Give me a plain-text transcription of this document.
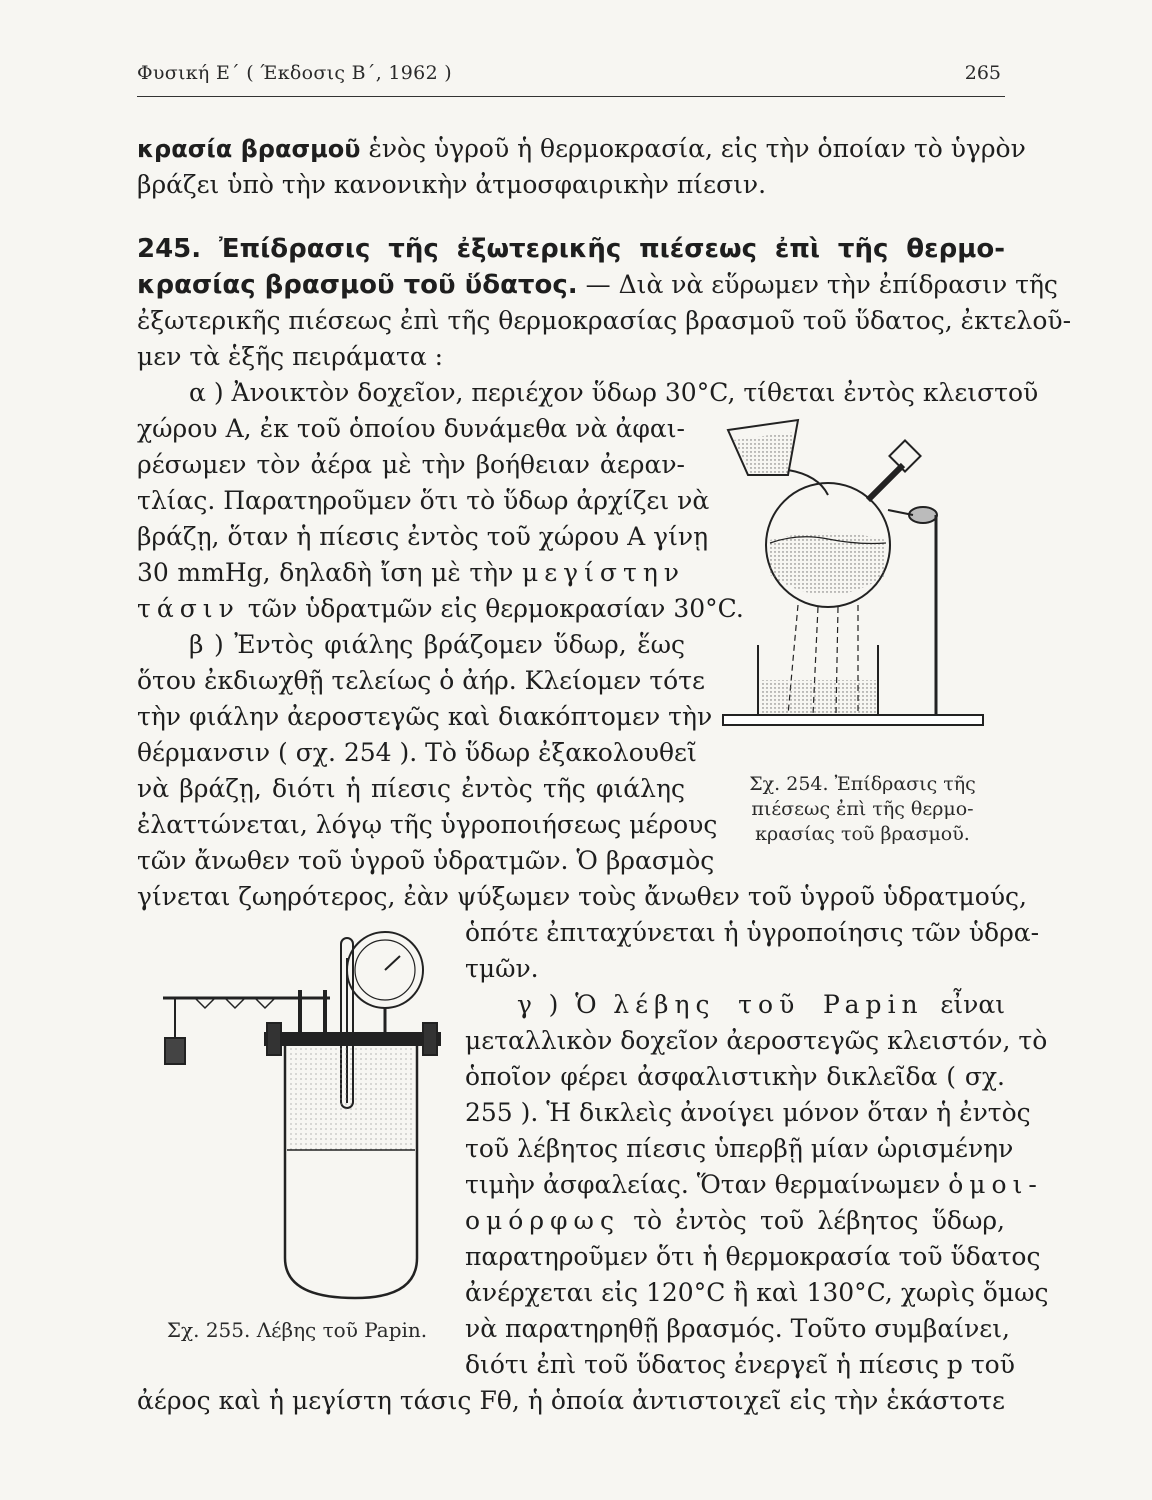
Φυσική Ε΄ ( Έκδοσις Β΄, 1962 )	265
κρασία βρασμοῦ ἑνὸς ὑγροῦ ἡ θερμοκρασία, εἰς τὴν ὁποίαν τὸ ὑγρὸν
βράζει ὑπὸ τὴν κανονικὴν ἀτμοσφαιρικὴν πίεσιν.
245. Ἐπίδρασις τῆς ἐξωτερικῆς πιέσεως ἐπὶ τῆς θερμο-
κρασίας βρασμοῦ τοῦ ὕδατος. — Διὰ νὰ εὕρωμεν τὴν ἐπίδρασιν τῆς
ἐξωτερικῆς πιέσεως ἐπὶ τῆς θερμοκρασίας βρασμοῦ τοῦ ὕδατος, ἐκτελοῦ-
μεν τὰ ἑξῆς πειράματα :
α ) Ἀνοικτὸν δοχεῖον, περιέχον ὕδωρ 30°C, τίθεται ἐντὸς κλειστοῦ
χώρου Α, ἐκ τοῦ ὁποίου δυνάμεθα νὰ ἀφαι-
ρέσωμεν τὸν ἀέρα μὲ τὴν βοήθειαν ἀεραν-
τλίας. Παρατηροῦμεν ὅτι τὸ ὕδωρ ἀρχίζει νὰ
βράζῃ, ὅταν ἡ πίεσις ἐντὸς τοῦ χώρου Α γίνῃ
30 mmHg, δηλαδὴ ἴση μὲ τὴν μεγίστην
τάσιν τῶν ὑδρατμῶν εἰς θερμοκρασίαν 30°C.
β ) Ἐντὸς φιάλης βράζομεν ὕδωρ, ἕως
ὅτου ἐκδιωχθῇ τελείως ὁ ἀήρ. Κλείομεν τότε
τὴν φιάλην ἀεροστεγῶς καὶ διακόπτομεν τὴν
θέρμανσιν ( σχ. 254 ). Τὸ ὕδωρ ἐξακολουθεῖ
νὰ βράζῃ, διότι ἡ πίεσις ἐντὸς τῆς φιάλης
ἐλαττώνεται, λόγῳ τῆς ὑγροποιήσεως μέρους
τῶν ἄνωθεν τοῦ ὑγροῦ ὑδρατμῶν. Ὁ βρασμὸς
γίνεται ζωηρότερος, ἐὰν ψύξωμεν τοὺς ἄνωθεν τοῦ ὑγροῦ ὑδρατμούς,
ὁπότε ἐπιταχύνεται ἡ ὑγροποίησις τῶν ὑδρα-
τμῶν.
γ ) Ὁ λέβης τοῦ Papin εἶναι
μεταλλικὸν δοχεῖον ἀεροστεγῶς κλειστόν, τὸ
ὁποῖον φέρει ἀσφαλιστικὴν δικλεῖδα ( σχ.
255 ). Ἡ δικλεὶς ἀνοίγει μόνον ὅταν ἡ ἐντὸς
τοῦ λέβητος πίεσις ὑπερβῇ μίαν ὡρισμένην
τιμὴν ἀσφαλείας. Ὅταν θερμαίνωμεν ὁμοι-
ομόρφως τὸ ἐντὸς τοῦ λέβητος ὕδωρ,
παρατηροῦμεν ὅτι ἡ θερμοκρασία τοῦ ὕδατος
ἀνέρχεται εἰς 120°C ἢ καὶ 130°C, χωρὶς ὅμως
νὰ παρατηρηθῇ βρασμός. Τοῦτο συμβαίνει,
διότι ἐπὶ τοῦ ὕδατος ἐνεργεῖ ἡ πίεσις p τοῦ
ἀέρος καὶ ἡ μεγίστη τάσις Fθ, ἡ ὁποία ἀντιστοιχεῖ εἰς τὴν ἑκάστοτε
Σχ. 254. Ἐπίδρασις τῆς
πιέσεως ἐπὶ τῆς θερμο-
κρασίας τοῦ βρασμοῦ.
Σχ. 255. Λέβης τοῦ Papin.
